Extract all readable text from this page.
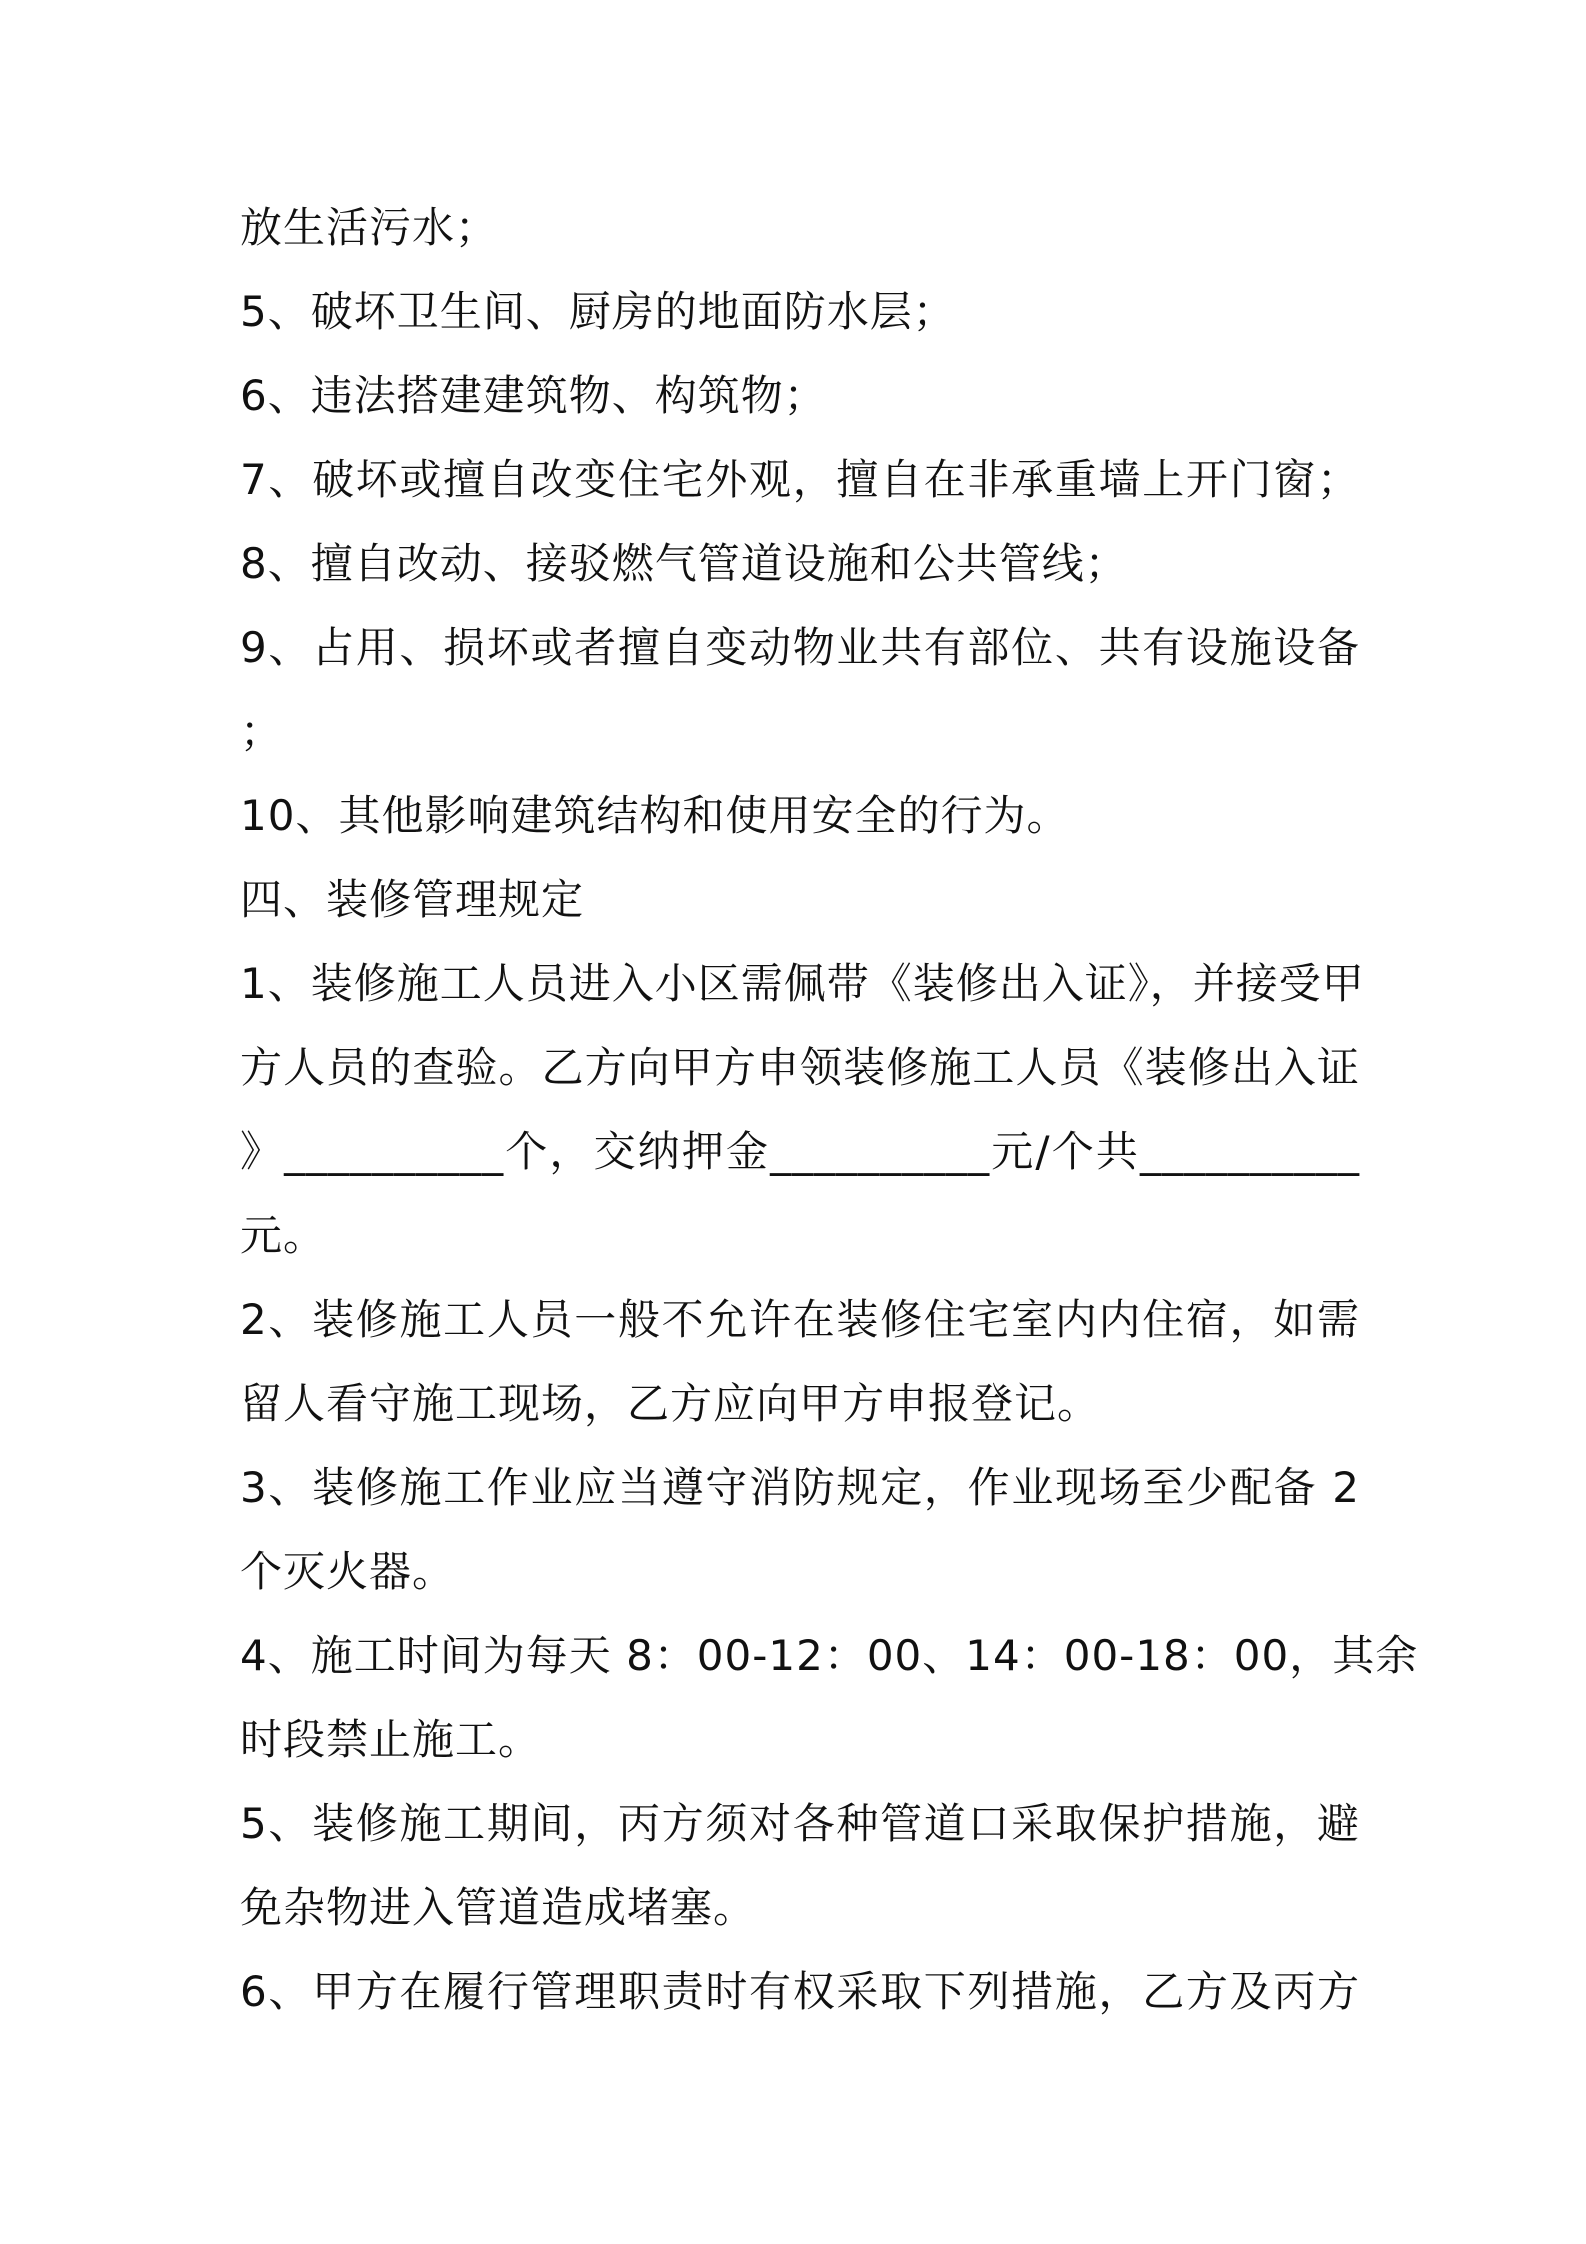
放生活污水；
5、破坏卫生间、厨房的地面防水层；
6、违法搭建建筑物、构筑物；
7、破坏或擅自改变住宅外观，擅自在非承重墙上开门窗；
8、擅自改动、接驳燃气管道设施和公共管线；
9、占用、损坏或者擅自变动物业共有部位、共有设施设备
；
10、其他影响建筑结构和使用安全的行为。
四、装修管理规定
1、装修施工人员进入小区需佩带《装修出入证》，并接受甲
方人员的查验。乙方向甲方申领装修施工人员《装修出入证
》__________个，交纳押金__________元/个共__________
元。
2、装修施工人员一般不允许在装修住宅室内内住宿，如需
留人看守施工现场，乙方应向甲方申报登记。
3、装修施工作业应当遵守消防规定，作业现场至少配备 2
个灭火器。
4、施工时间为每天 8：00-12：00、14：00-18：00，其余
时段禁止施工。
5、装修施工期间，丙方须对各种管道口采取保护措施，避
免杂物进入管道造成堵塞。
6、甲方在履行管理职责时有权采取下列措施，乙方及丙方
